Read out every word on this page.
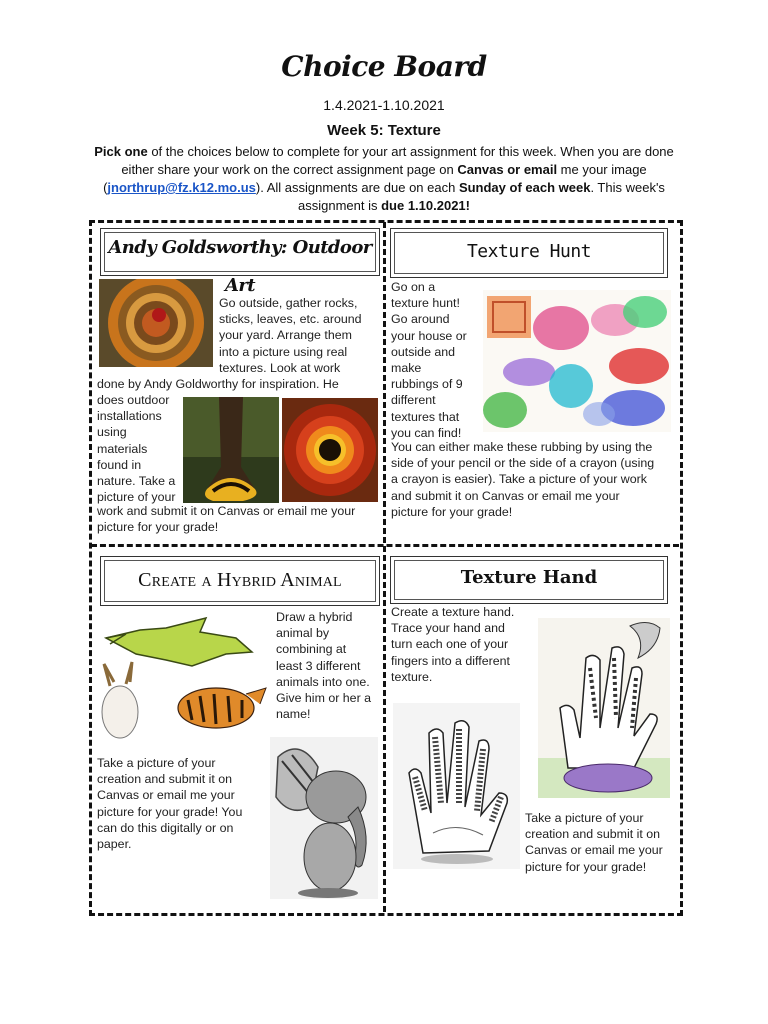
Choice Board
1.4.2021-1.10.2021
Week 5: Texture
Pick one of the choices below to complete for your art assignment for this week. When you are done either share your work on the correct assignment page on Canvas or email me your image (jnorthrup@fz.k12.mo.us). All assignments are due on each Sunday of each week. This week's assignment is due 1.10.2021!
Andy Goldsworthy: Outdoor Art
Go outside, gather rocks,
sticks, leaves, etc. around
your yard. Arrange them
into a picture using real
textures. Look at work
done by Andy Goldworthy for inspiration. He
does outdoor
installations
using
materials
found in
nature. Take a
picture of your
work and submit it on Canvas or email me your
picture for your grade!
Texture Hunt
Go on a
texture hunt!
Go around
your house or
outside and
make
rubbings of 9
different
textures that
you can find!
You can either make these rubbing by using the
side of your pencil or the side of a crayon (using
a crayon is easier). Take a picture of your work
and submit it on Canvas or email me your
picture for your grade!
Create a Hybrid Animal
Draw a hybrid
animal by
combining at
least 3 different
animals into one.
Give him or her a
name!
Take a picture of your
creation and submit it on
Canvas or email me your
picture for your grade! You
can do this digitally or on
paper.
Texture Hand
Create a texture hand.
Trace your hand and
turn each one of your
fingers into a different
texture.
Take a picture of your
creation and submit it on
Canvas or email me your
picture for your grade!
